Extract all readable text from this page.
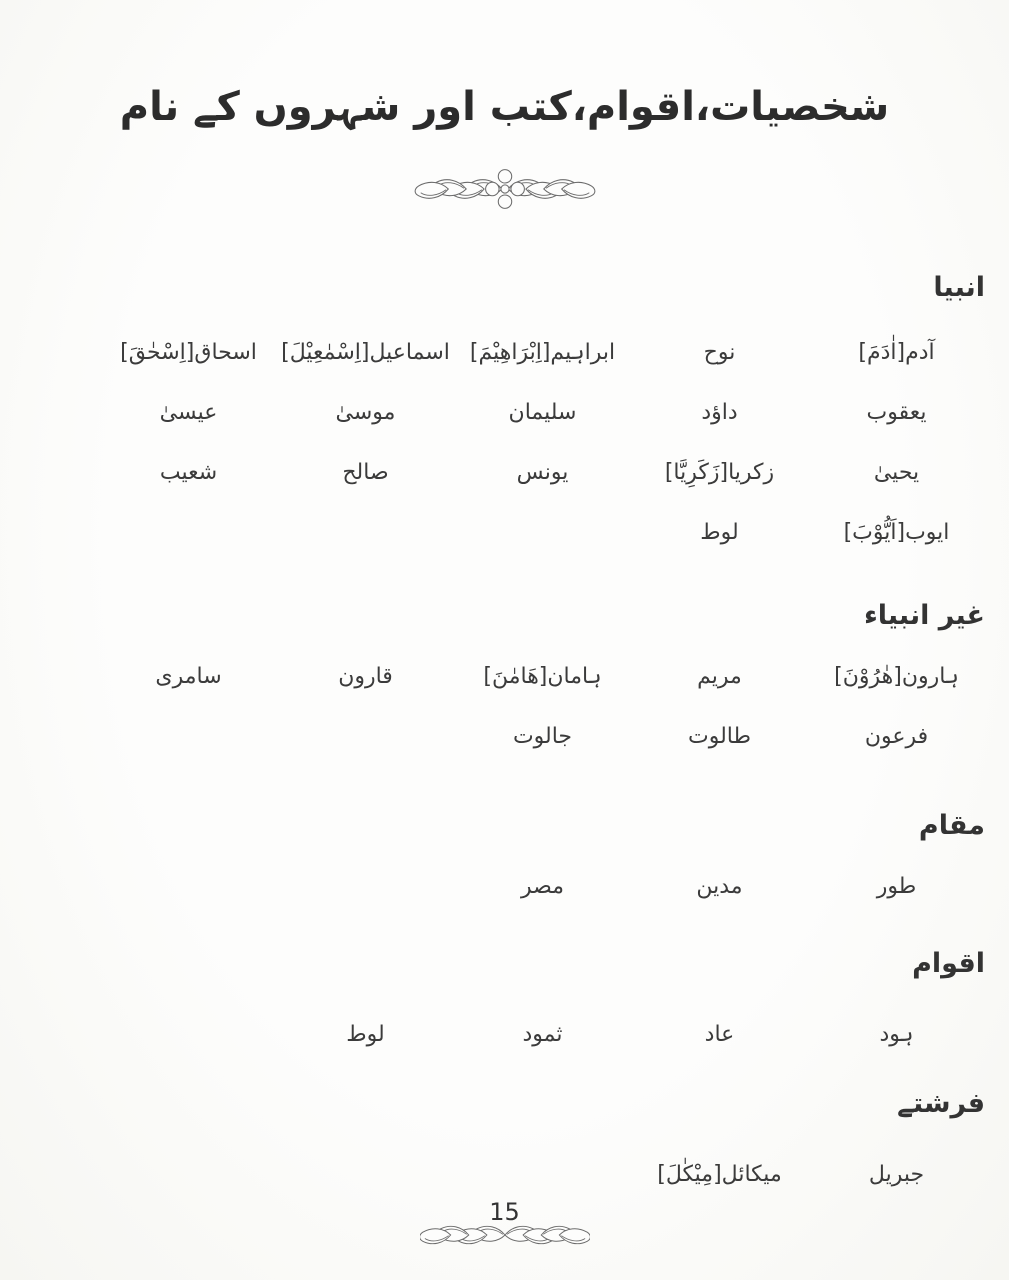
شخصیات،اقوام،کتب اور شہروں کے نام
انبیا
آدم[اٰدَمَ]
نوح
ابراہیم[اِبْرَاهِیْمَ]
اسماعیل[اِسْمٰعِیْلَ]
اسحاق[اِسْحٰقَ]
یعقوب
داؤد
سلیمان
موسیٰ
عیسیٰ
یحییٰ
زکریا[زَکَرِیَّا]
یونس
صالح
شعیب
ایوب[اَیُّوْبَ]
لوط
غیر انبیاء
ہارون[هٰرُوْنَ]
مریم
ہامان[هَامٰنَ]
قارون
سامری
فرعون
طالوت
جالوت
مقام
طور
مدین
مصر
اقوام
ہود
عاد
ثمود
لوط
فرشتے
جبریل
میکائل[مِیْکٰلَ]
15
